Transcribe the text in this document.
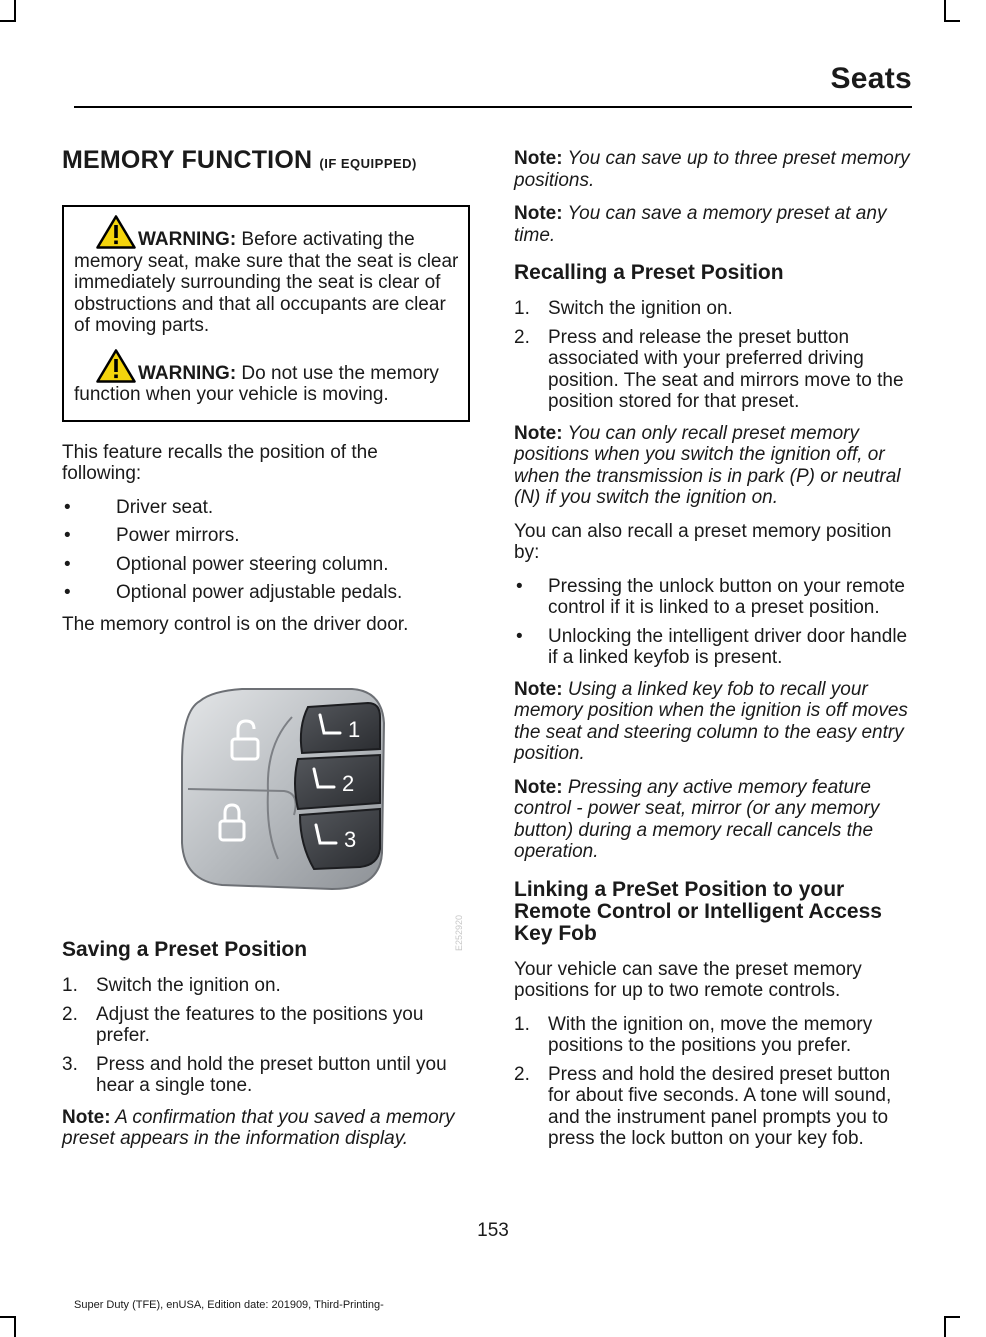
Seats
MEMORY FUNCTION (IF EQUIPPED)

WARNING: Before activating the memory seat, make sure that the seat is clear immediately surrounding the seat is clear of obstructions and that all occupants are clear of moving parts.

WARNING: Do not use the memory function when your vehicle is moving.

This feature recalls the position of the following:

• Driver seat.
• Power mirrors.
• Optional power steering column.
• Optional power adjustable pedals.

The memory control is on the driver door.

1
2
3
E252920
Saving a Preset Position
1. Switch the ignition on.
2. Adjust the features to the positions you prefer.
3. Press and hold the preset button until you hear a single tone.

Note: A confirmation that you saved a memory preset appears in the information display.

Note: You can save up to three preset memory positions.

Note: You can save a memory preset at any time.

Recalling a Preset Position
1. Switch the ignition on.
2. Press and release the preset button associated with your preferred driving position. The seat and mirrors move to the position stored for that preset.

Note: You can only recall preset memory positions when you switch the ignition off, or when the transmission is in park (P) or neutral (N) if you switch the ignition on.

You can also recall a preset memory position by:

• Pressing the unlock button on your remote control if it is linked to a preset position.
• Unlocking the intelligent driver door handle if a linked keyfob is present.

Note: Using a linked key fob to recall your memory position when the ignition is off moves the seat and steering column to the easy entry position.

Note: Pressing any active memory feature control - power seat, mirror (or any memory button) during a memory recall cancels the operation.

Linking a PreSet Position to your Remote Control or Intelligent Access Key Fob

Your vehicle can save the preset memory positions for up to two remote controls.

1. With the ignition on, move the memory positions to the positions you prefer.
2. Press and hold the desired preset button for about five seconds. A tone will sound, and the instrument panel prompts you to press the lock button on your key fob.
153
Super Duty (TFE), enUSA, Edition date: 201909, Third-Printing-
